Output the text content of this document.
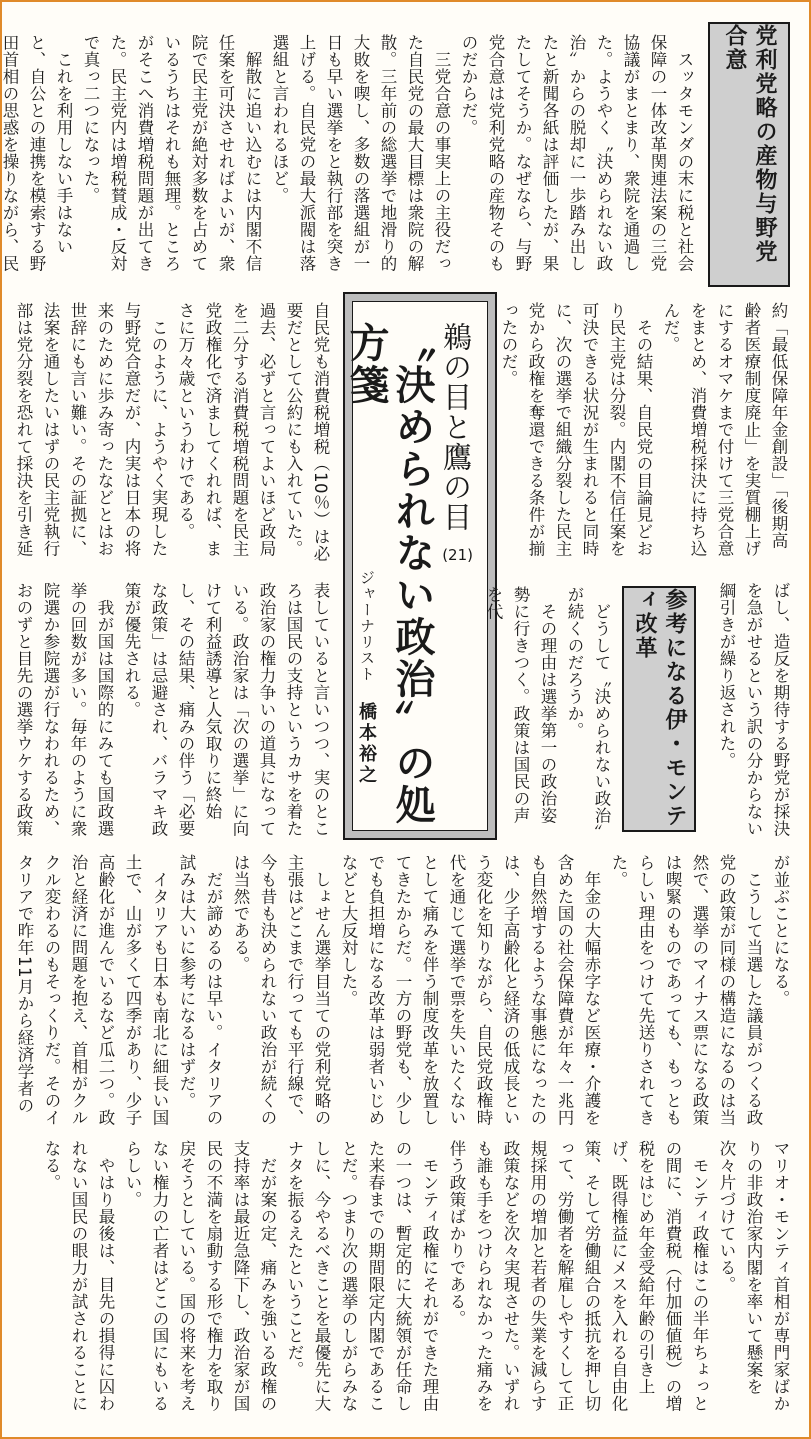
党利党略の産物与野党合意
　スッタモンダの末に税と社会保障の一体改革関連法案の三党協議がまとまり、衆院を通過した。ようやく〝決められない政治〟からの脱却に一歩踏み出したと新聞各紙は評価したが、果たしてそうか。なぜなら、与野党合意は党利党略の産物そのものだからだ。
　三党合意の事実上の主役だった自民党の最大目標は衆院の解散。三年前の総選挙で地滑り的大敗を喫し、多数の落選組が一日も早い選挙をと執行部を突き上げる。自民党の最大派閥は落選組と言われるほど。
　解散に追い込むには内閣不信任案を可決させればよいが、衆院で民主党が絶対多数を占めているうちはそれも無理。ところがそこへ消費増税問題が出てきた。民主党内は増税賛成・反対で真っ二つになった。
　これを利用しない手はないと、自公との連携を模索する野田首相の思惑を操りながら、民
約「最低保障年金創設」「後期高齢者医療制度廃止」を実質棚上げにするオマケまで付けて三党合意をまとめ、消費増税採決に持ち込んだ。
　その結果、自民党の目論見どおり民主党は分裂。内閣不信任案を可決できる状況が生まれると同時に、次の選挙で組織分裂した民主党から政権を奪還できる条件が揃ったのだ。
鵜の目と鷹の目
(21)
〝決められない政治〟の処方箋
ジャーナリスト
橋本裕之	ばし、造反を期待する野党が採決を急がせるという訳の分からない綱引きが繰り返された。
参考になる伊・モンティ改革
　どうして〝決められない政治〟が続くのだろうか。
　その理由は選挙第一の政治姿勢に行きつく。政策は国民の声を代
自民党も消費税増税（10％）は必要だとして公約にも入れていた。過去、必ずと言ってよいほど政局を二分する消費税増税問題を民主党政権化で済ましてくれれば、まさに万々歳というわけである。
　このように、ようやく実現した与野党合意だが、内実は日本の将来のために歩み寄ったなどとはお世辞にも言い難い。その証拠に、法案を通したいはずの民主党執行部は党分裂を恐れて採決を引き延
表していると言いつつ、実のところは国民の支持というカサを着た政治家の権力争いの道具になっている。政治家は「次の選挙」に向けて利益誘導と人気取りに終始し、その結果、痛みの伴う「必要な政策」は忌避され、バラマキ政策が優先される。
　我が国は国際的にみても国政選挙の回数が多い。毎年のように衆院選か参院選が行なわれるため、おのずと目先の選挙ウケする政策
が並ぶことになる。
　こうして当選した議員がつくる政党の政策が同様の構造になるのは当然で、選挙のマイナス票になる政策は喫緊のものであっても、もっともらしい理由をつけて先送りされてきた。
　年金の大幅赤字など医療・介護を含めた国の社会保障費が年々一兆円も自然増するような事態になったのは、少子高齢化と経済の低成長という変化を知りながら、自民党政権時代を通じて選挙で票を失いたくないとして痛みを伴う制度改革を放置してきたからだ。一方の野党も、少しでも負担増になる改革は弱者いじめなどと大反対した。
　しょせん選挙目当ての党利党略の主張はどこまで行っても平行線で、今も昔も決められない政治が続くのは当然である。
　だが諦めるのは早い。イタリアの試みは大いに参考になるはずだ。
　イタリアも日本も南北に細長い国土で、山が多くて四季があり、少子高齢化が進んでいるなど瓜二つ。政治と経済に問題を抱え、首相がクルクル変わるのもそっくりだ。そのイタリアで昨年11月から経済学者の
マリオ・モンティ首相が専門家ばかりの非政治家内閣を率いて懸案を次々片づけている。
　モンティ政権はこの半年ちょっとの間に、消費税（付加価値税）の増税をはじめ年金受給年齢の引き上げ、既得権益にメスを入れる自由化策、そして労働組合の抵抗を押し切って、労働者を解雇しやすくして正規採用の増加と若者の失業を減らす政策などを次々実現させた。いずれも誰も手をつけられなかった痛みを伴う政策ばかりである。
　モンティ政権にそれができた理由の一つは、暫定的に大統領が任命した来春までの期間限定内閣であることだ。つまり次の選挙のしがらみなしに、今やるべきことを最優先に大ナタを振るえたということだ。
　だが案の定、痛みを強いる政権の支持率は最近急降下し、政治家が国民の不満を扇動する形で権力を取り戻そうとしている。国の将来を考えない権力の亡者はどこの国にもいるらしい。
　やはり最後は、目先の損得に囚われない国民の眼力が試されることになる。
